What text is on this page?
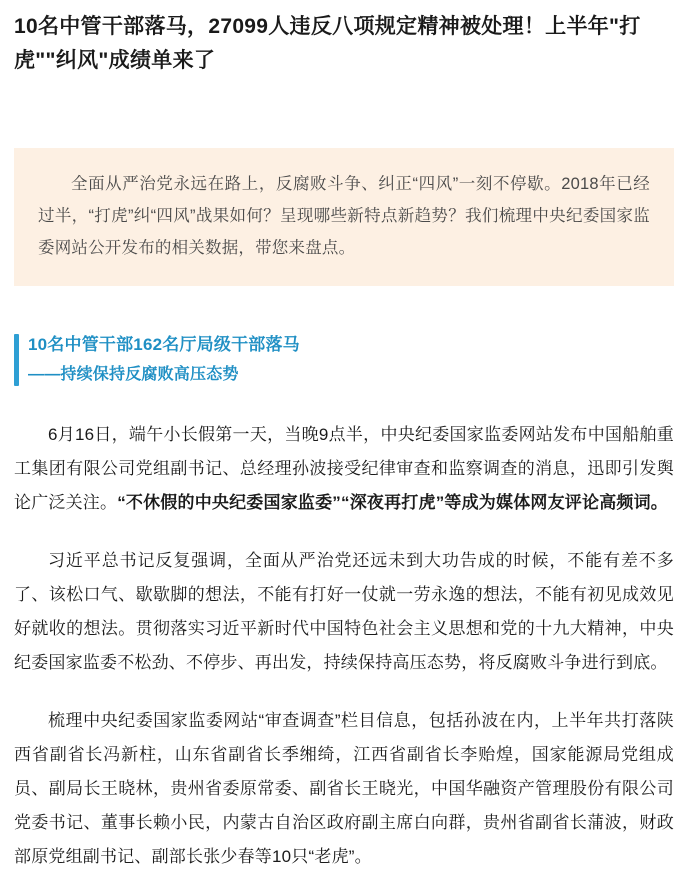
10名中管干部落马，27099人违反八项规定精神被处理！上半年"打虎""纠风"成绩单来了

全面从严治党永远在路上，反腐败斗争、纠正“四风”一刻不停歇。2018年已经过半，“打虎”纠“四风”战果如何？呈现哪些新特点新趋势？我们梳理中央纪委国家监委网站公开发布的相关数据，带您来盘点。

10名中管干部162名厅局级干部落马
——持续保持反腐败高压态势

6月16日，端午小长假第一天，当晚9点半，中央纪委国家监委网站发布中国船舶重工集团有限公司党组副书记、总经理孙波接受纪律审查和监察调查的消息，迅即引发舆论广泛关注。“不休假的中央纪委国家监委”“深夜再打虎”等成为媒体网友评论高频词。

习近平总书记反复强调，全面从严治党还远未到大功告成的时候，不能有差不多了、该松口气、歇歇脚的想法，不能有打好一仗就一劳永逸的想法，不能有初见成效见好就收的想法。贯彻落实习近平新时代中国特色社会主义思想和党的十九大精神，中央纪委国家监委不松劲、不停步、再出发，持续保持高压态势，将反腐败斗争进行到底。

梳理中央纪委国家监委网站“审查调查”栏目信息，包括孙波在内，上半年共打落陕西省副省长冯新柱，山东省副省长季缃绮，江西省副省长李贻煌，国家能源局党组成员、副局长王晓林，贵州省委原常委、副省长王晓光，中国华融资产管理股份有限公司党委书记、董事长赖小民，内蒙古自治区政府副主席白向群，贵州省副省长蒲波，财政部原党组副书记、副部长张少春等10只“老虎”。
